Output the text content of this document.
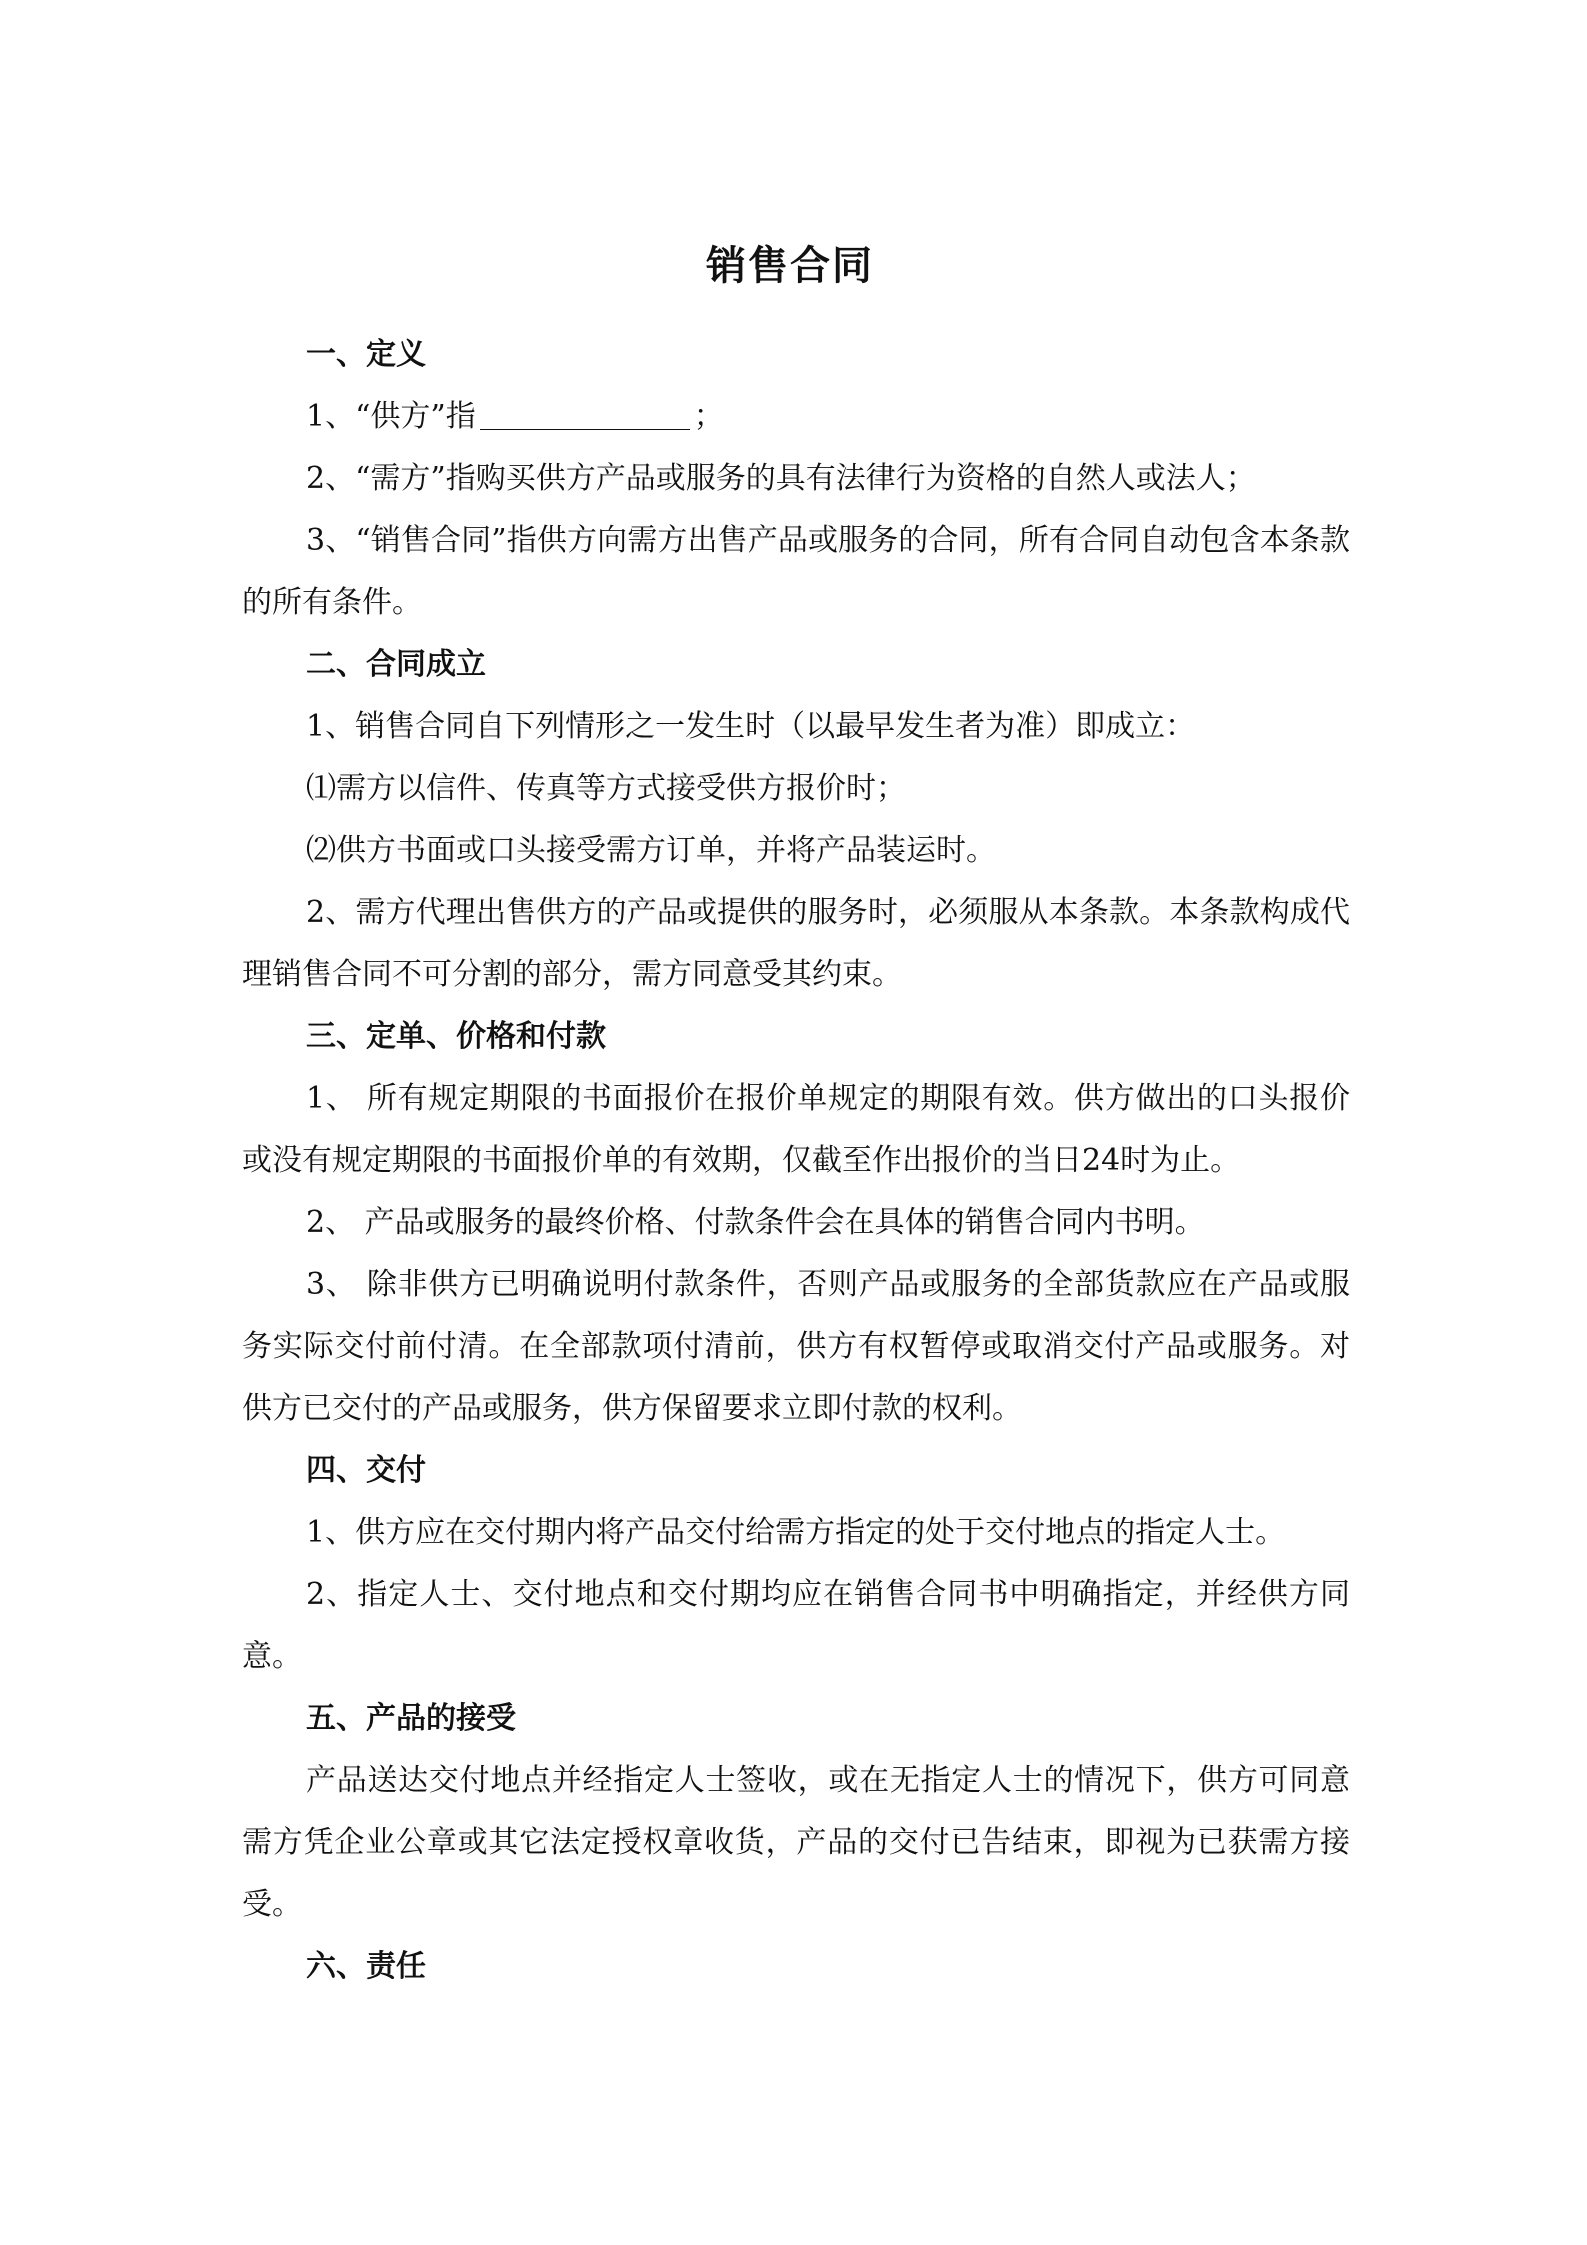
销售合同
一、定义

1、“供方”指	；

2、“需方”指购买供方产品或服务的具有法律行为资格的自然人或法人；

3、“销售合同”指供方向需方出售产品或服务的合同，所有合同自动包含本条款的所有条件。

二、合同成立

1、销售合同自下列情形之一发生时（以最早发生者为准）即成立：

⑴需方以信件、传真等方式接受供方报价时；

⑵供方书面或口头接受需方订单，并将产品装运时。

2、需方代理出售供方的产品或提供的服务时，必须服从本条款。本条款构成代理销售合同不可分割的部分，需方同意受其约束。

三、定单、价格和付款

1、 所有规定期限的书面报价在报价单规定的期限有效。供方做出的口头报价或没有规定期限的书面报价单的有效期，仅截至作出报价的当日24时为止。

2、 产品或服务的最终价格、付款条件会在具体的销售合同内书明。

3、 除非供方已明确说明付款条件，否则产品或服务的全部货款应在产品或服务实际交付前付清。在全部款项付清前，供方有权暂停或取消交付产品或服务。对供方已交付的产品或服务，供方保留要求立即付款的权利。

四、交付

1、供方应在交付期内将产品交付给需方指定的处于交付地点的指定人士。

2、指定人士、交付地点和交付期均应在销售合同书中明确指定，并经供方同意。

五、产品的接受

产品送达交付地点并经指定人士签收，或在无指定人士的情况下，供方可同意需方凭企业公章或其它法定授权章收货，产品的交付已告结束，即视为已获需方接受。

六、责任
